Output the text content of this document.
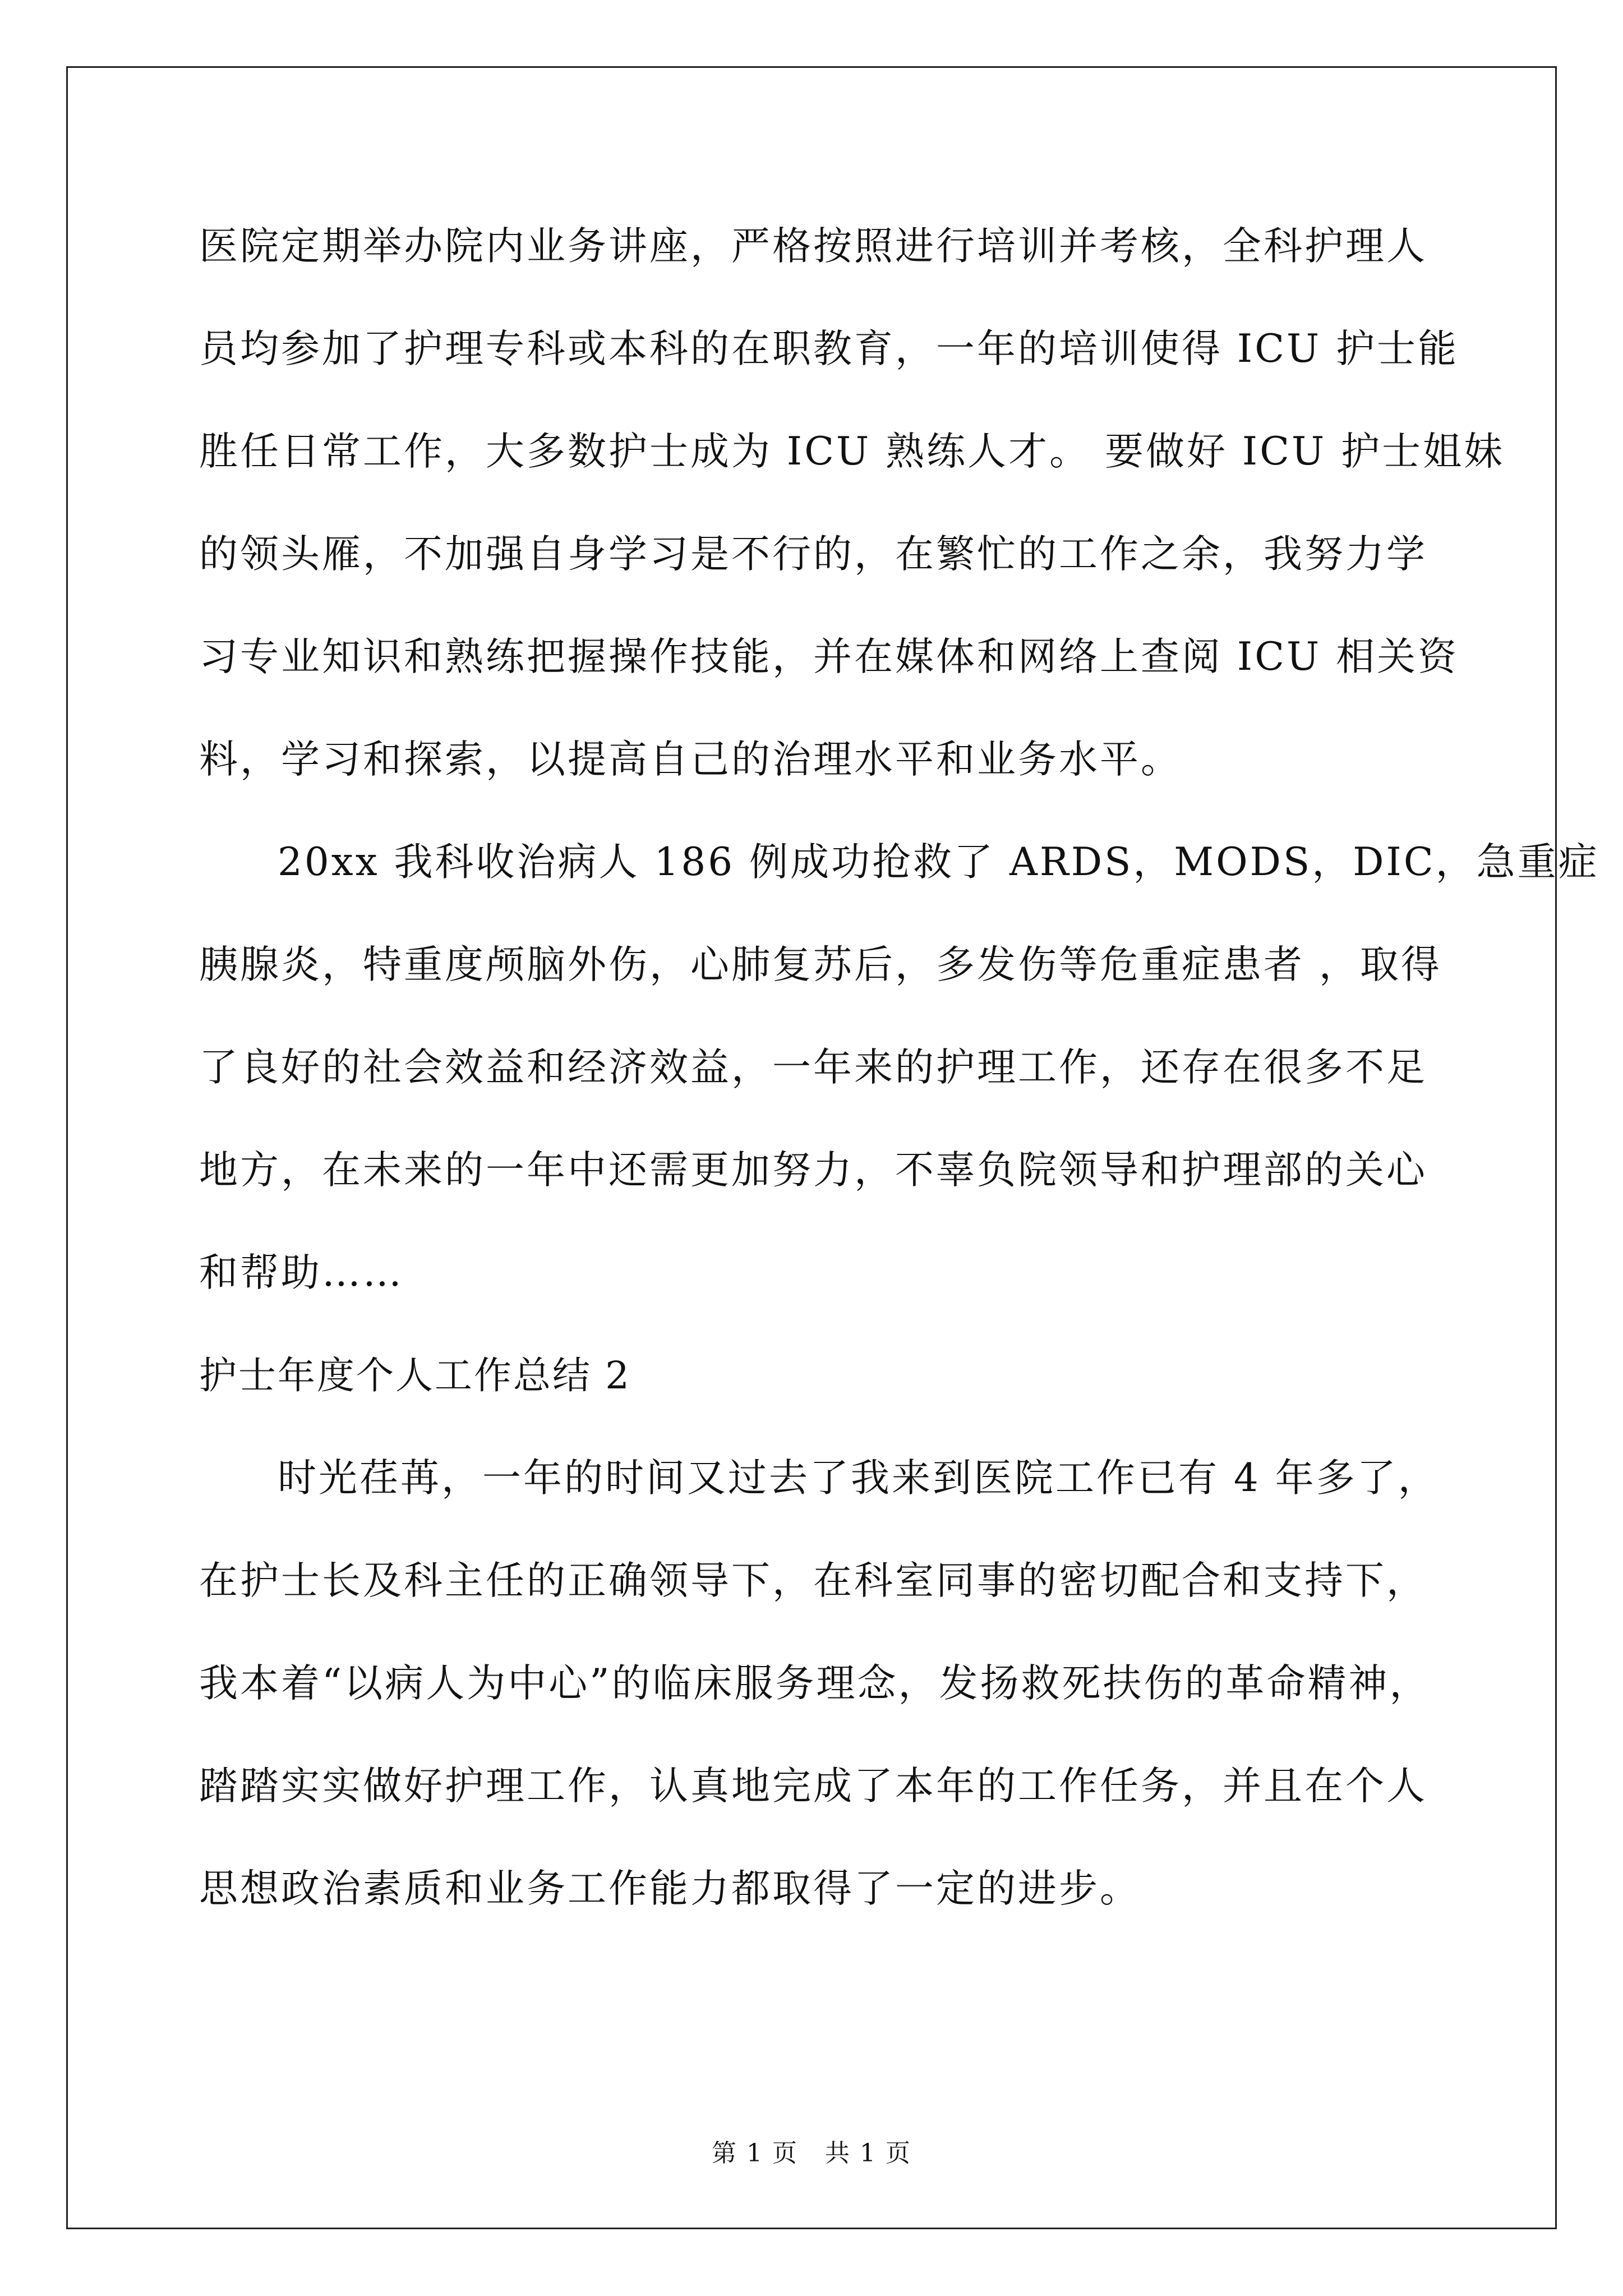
医院定期举办院内业务讲座，严格按照进行培训并考核，全科护理人
员均参加了护理专科或本科的在职教育，一年的培训使得 ICU 护士能
胜任日常工作，大多数护士成为 ICU 熟练人才。 要做好 ICU 护士姐妹
的领头雁，不加强自身学习是不行的，在繁忙的工作之余，我努力学
习专业知识和熟练把握操作技能，并在媒体和网络上查阅 ICU 相关资
料，学习和探索，以提高自己的治理水平和业务水平。
20xx 我科收治病人 186 例成功抢救了 ARDS，MODS，DIC，急重症
胰腺炎，特重度颅脑外伤，心肺复苏后，多发伤等危重症患者 ，取得
了良好的社会效益和经济效益，一年来的护理工作，还存在很多不足
地方，在未来的一年中还需更加努力，不辜负院领导和护理部的关心
和帮助……
护士年度个人工作总结 2
时光荏苒，一年的时间又过去了我来到医院工作已有 4 年多了，
在护士长及科主任的正确领导下，在科室同事的密切配合和支持下，
我本着“以病人为中心”的临床服务理念，发扬救死扶伤的革命精神，
踏踏实实做好护理工作，认真地完成了本年的工作任务，并且在个人
思想政治素质和业务工作能力都取得了一定的进步。
第 1 页   共 1 页
